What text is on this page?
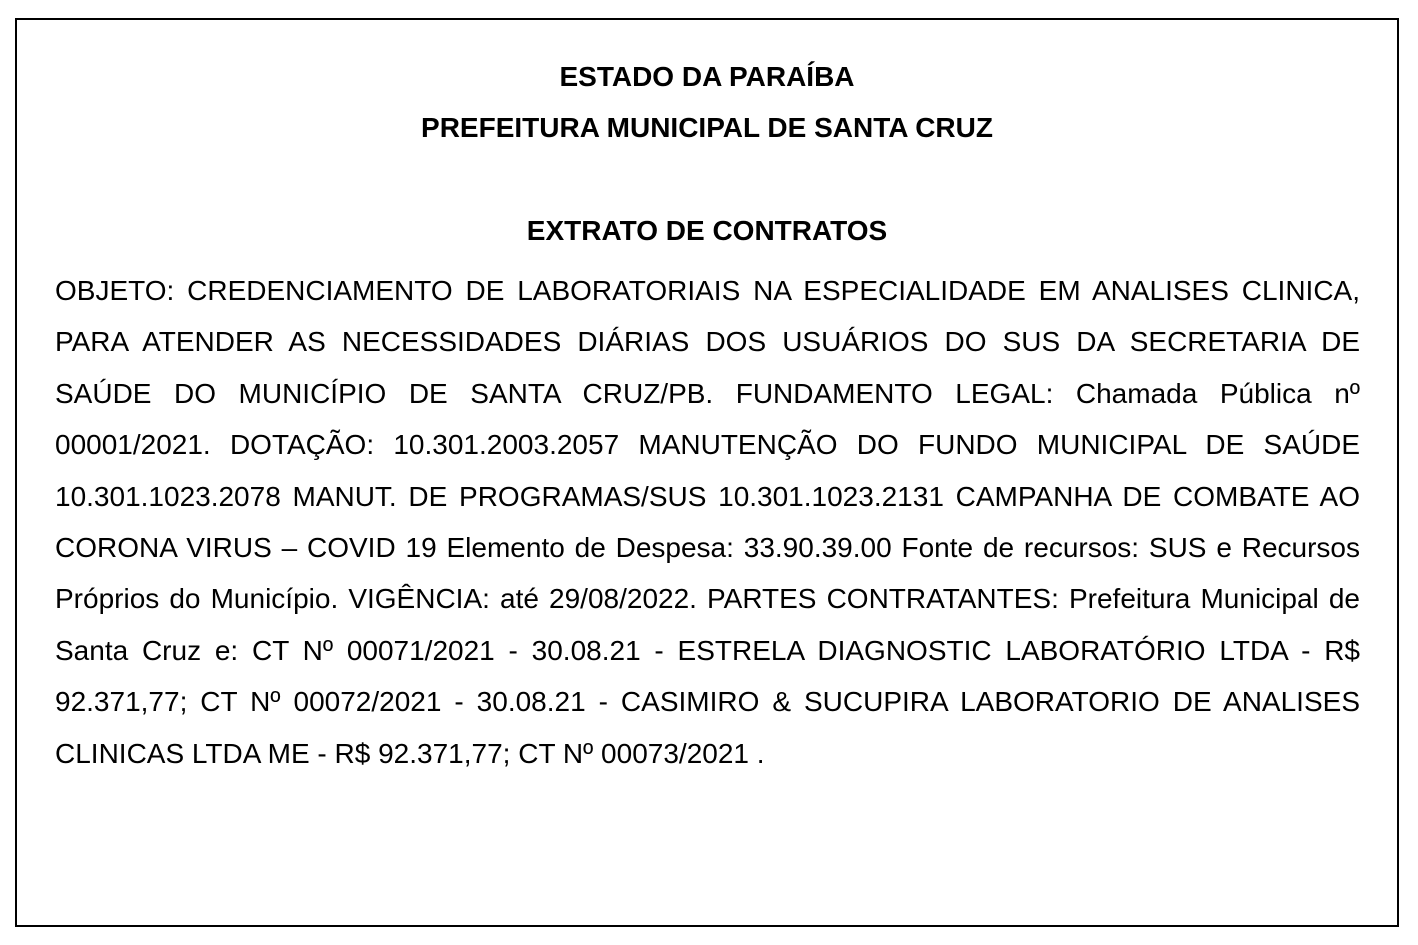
ESTADO DA PARAÍBA
PREFEITURA MUNICIPAL DE SANTA CRUZ
EXTRATO DE CONTRATOS

OBJETO: CREDENCIAMENTO DE LABORATORIAIS NA ESPECIALIDADE EM ANALISES CLINICA, PARA ATENDER AS NECESSIDADES DIÁRIAS DOS USUÁRIOS DO SUS DA SECRETARIA DE SAÚDE DO MUNICÍPIO DE SANTA CRUZ/PB. FUNDAMENTO LEGAL: Chamada Pública nº 00001/2021. DOTAÇÃO: 10.301.2003.2057 MANUTENÇÃO DO FUNDO MUNICIPAL DE SAÚDE 10.301.1023.2078 MANUT. DE PROGRAMAS/SUS 10.301.1023.2131 CAMPANHA DE COMBATE AO CORONA VIRUS – COVID 19 Elemento de Despesa: 33.90.39.00 Fonte de recursos: SUS e Recursos Próprios do Município. VIGÊNCIA: até 29/08/2022. PARTES CONTRATANTES: Prefeitura Municipal de Santa Cruz e: CT Nº 00071/2021 - 30.08.21 - ESTRELA DIAGNOSTIC LABORATÓRIO LTDA - R$ 92.371,77; CT Nº 00072/2021 - 30.08.21 - CASIMIRO & SUCUPIRA LABORATORIO DE ANALISES CLINICAS LTDA ME - R$ 92.371,77; CT Nº 00073/2021 .
